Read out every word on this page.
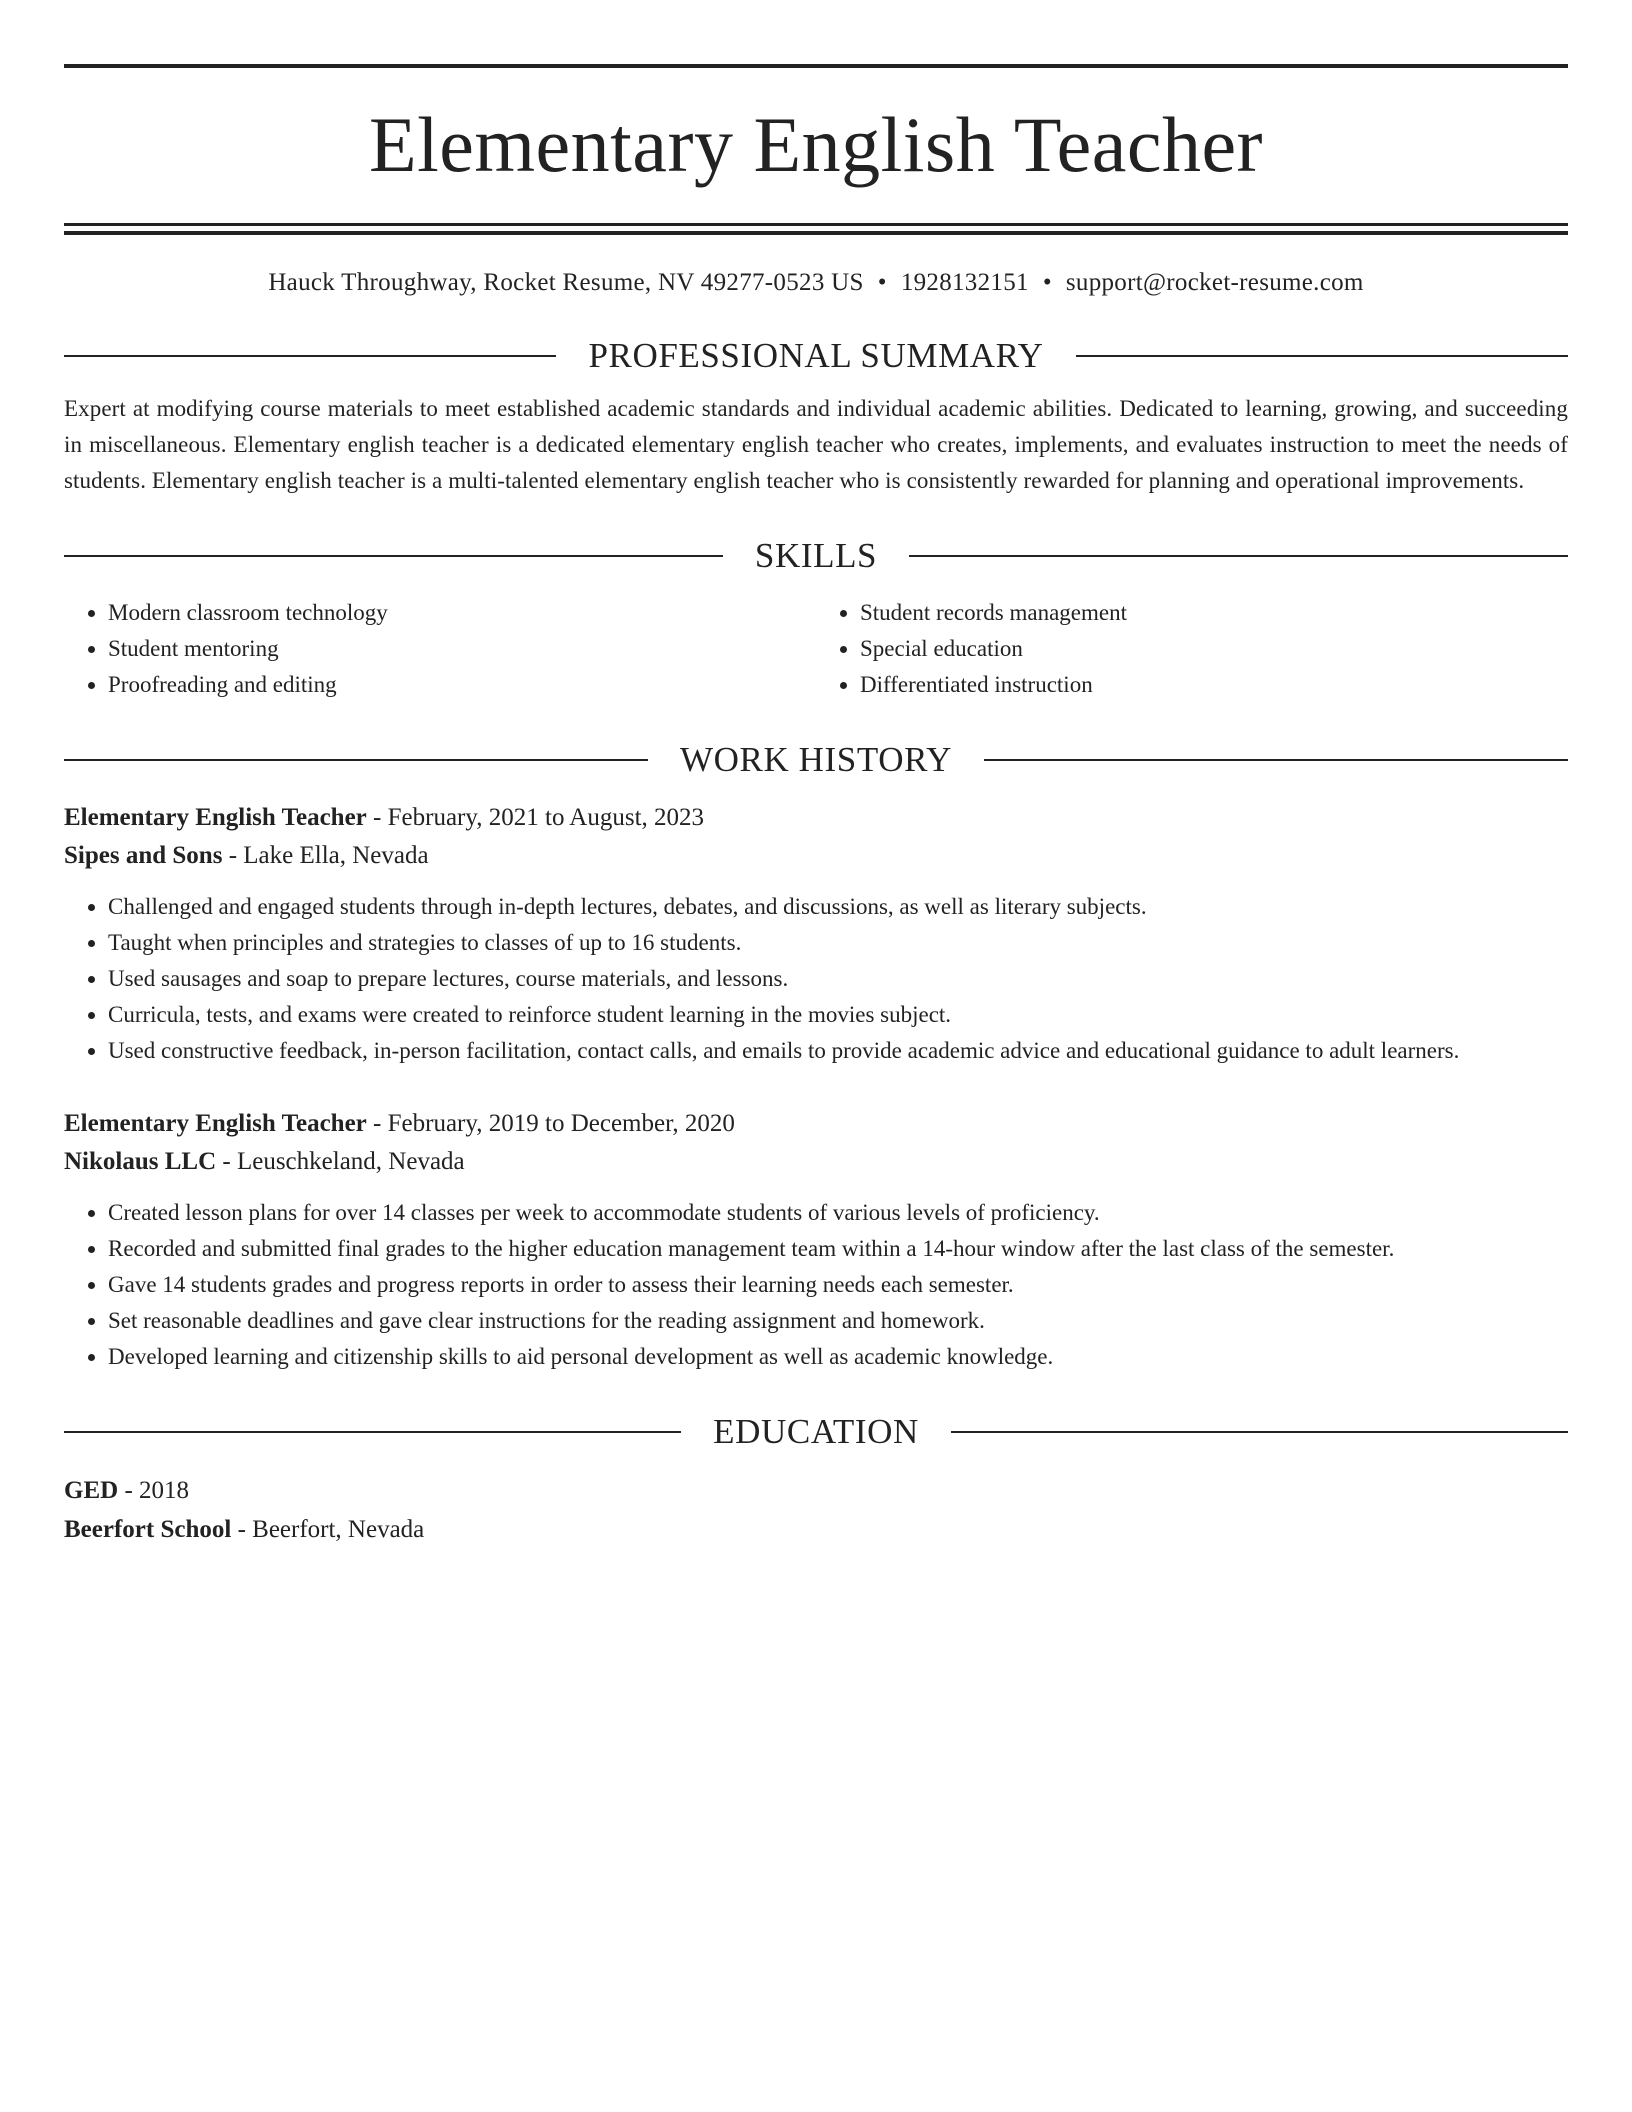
Elementary English Teacher
Hauck Throughway, Rocket Resume, NV 49277-0523 US • 1928132151 • support@rocket-resume.com
PROFESSIONAL SUMMARY
Expert at modifying course materials to meet established academic standards and individual academic abilities. Dedicated to learning, growing, and succeeding in miscellaneous. Elementary english teacher is a dedicated elementary english teacher who creates, implements, and evaluates instruction to meet the needs of students. Elementary english teacher is a multi-talented elementary english teacher who is consistently rewarded for planning and operational improvements.
SKILLS
• Modern classroom technology
• Student mentoring
• Proofreading and editing
• Student records management
• Special education
• Differentiated instruction
WORK HISTORY
Elementary English Teacher - February, 2021 to August, 2023
Sipes and Sons - Lake Ella, Nevada
• Challenged and engaged students through in-depth lectures, debates, and discussions, as well as literary subjects.
• Taught when principles and strategies to classes of up to 16 students.
• Used sausages and soap to prepare lectures, course materials, and lessons.
• Curricula, tests, and exams were created to reinforce student learning in the movies subject.
• Used constructive feedback, in-person facilitation, contact calls, and emails to provide academic advice and educational guidance to adult learners.
Elementary English Teacher - February, 2019 to December, 2020
Nikolaus LLC - Leuschkeland, Nevada
• Created lesson plans for over 14 classes per week to accommodate students of various levels of proficiency.
• Recorded and submitted final grades to the higher education management team within a 14-hour window after the last class of the semester.
• Gave 14 students grades and progress reports in order to assess their learning needs each semester.
• Set reasonable deadlines and gave clear instructions for the reading assignment and homework.
• Developed learning and citizenship skills to aid personal development as well as academic knowledge.
EDUCATION
GED - 2018
Beerfort School - Beerfort, Nevada
